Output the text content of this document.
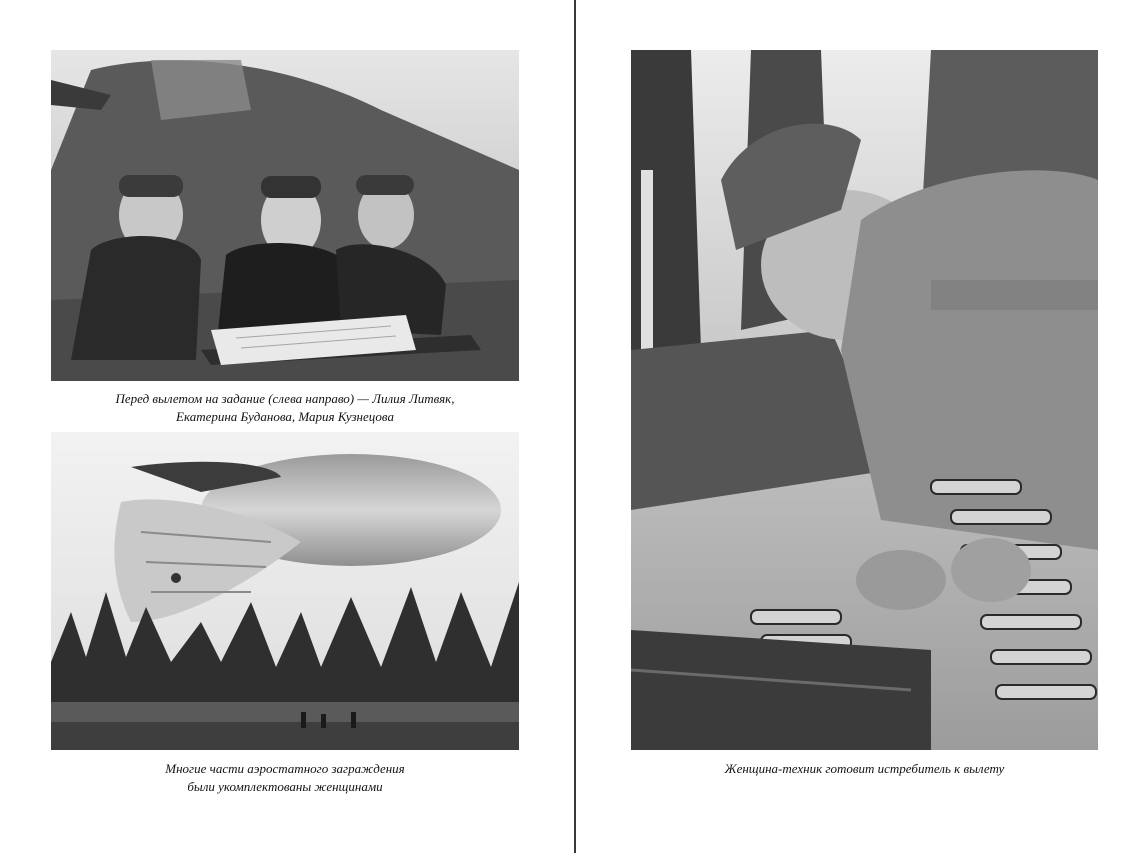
Перед вылетом на задание (слева направо) — Лилия Литвяк,
Екатерина Буданова, Мария Кузнецова
Многие части аэростатного заграждения
были укомплектованы женщинами
Женщина-техник готовит истребитель к вылету
